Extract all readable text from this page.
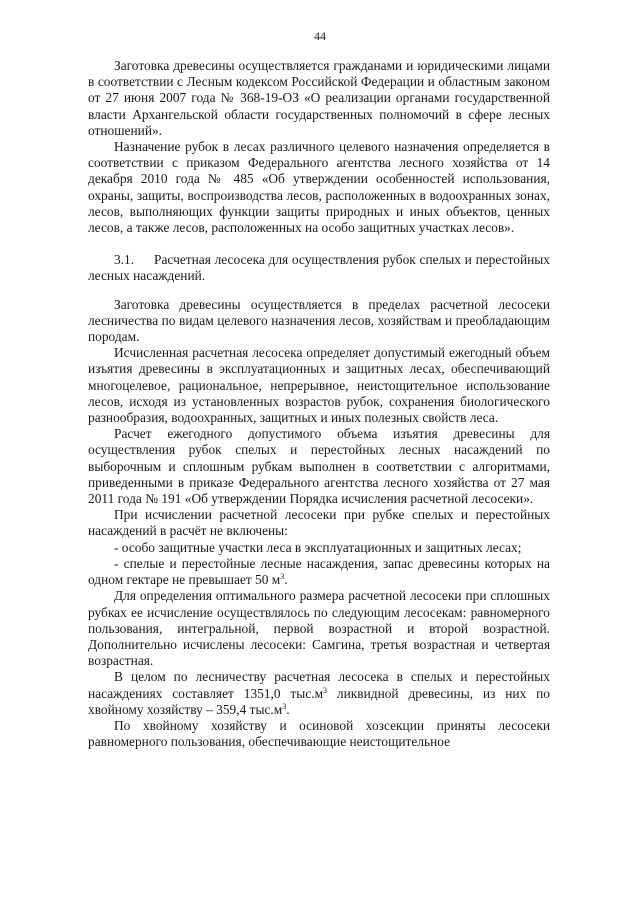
44

Заготовка древесины осуществляется гражданами и юридическими лицами в соответствии с Лесным кодексом Российской Федерации и областным законом от 27 июня 2007 года № 368-19-ОЗ «О реализации органами государственной власти Архангельской области государственных полномочий в сфере лесных отношений».

Назначение рубок в лесах различного целевого назначения определяется в соответствии с приказом Федерального агентства лесного хозяйства от 14 декабря 2010 года № 485 «Об утверждении особенностей использования, охраны, защиты, воспроизводства лесов, расположенных в водоохранных зонах, лесов, выполняющих функции защиты природных и иных объектов, ценных лесов, а также лесов, расположенных на особо защитных участках лесов».

3.1. Расчетная лесосека для осуществления рубок спелых и перестойных лесных насаждений.

Заготовка древесины осуществляется в пределах расчетной лесосеки лесничества по видам целевого назначения лесов, хозяйствам и преобладающим породам.

Исчисленная расчетная лесосека определяет допустимый ежегодный объем изъятия древесины в эксплуатационных и защитных лесах, обеспечивающий многоцелевое, рациональное, непрерывное, неистощительное использование лесов, исходя из установленных возрастов рубок, сохранения биологического разнообразия, водоохранных, защитных и иных полезных свойств леса.

Расчет ежегодного допустимого объема изъятия древесины для осуществления рубок спелых и перестойных лесных насаждений по выборочным и сплошным рубкам выполнен в соответствии с алгоритмами, приведенными в приказе Федерального агентства лесного хозяйства от 27 мая 2011 года № 191 «Об утверждении Порядка исчисления расчетной лесосеки».

При исчислении расчетной лесосеки при рубке спелых и перестойных насаждений в расчёт не включены:

- особо защитные участки леса в эксплуатационных и защитных лесах;

- спелые и перестойные лесные насаждения, запас древесины которых на одном гектаре не превышает 50 $м^3$.

Для определения оптимального размера расчетной лесосеки при сплошных рубках ее исчисление осуществлялось по следующим лесосекам: равномерного пользования, интегральной, первой возрастной и второй возрастной. Дополнительно исчислены лесосеки: Самгина, третья возрастная и четвертая возрастная.

В целом по лесничеству расчетная лесосека в спелых и перестойных насаждениях составляет 1351,0 $тыс.м^3$ ликвидной древесины, из них по хвойному хозяйству – 359,4 $тыс.м^3$.

По хвойному хозяйству и осиновой хозсекции приняты лесосеки равномерного пользования, обеспечивающие неистощительное
